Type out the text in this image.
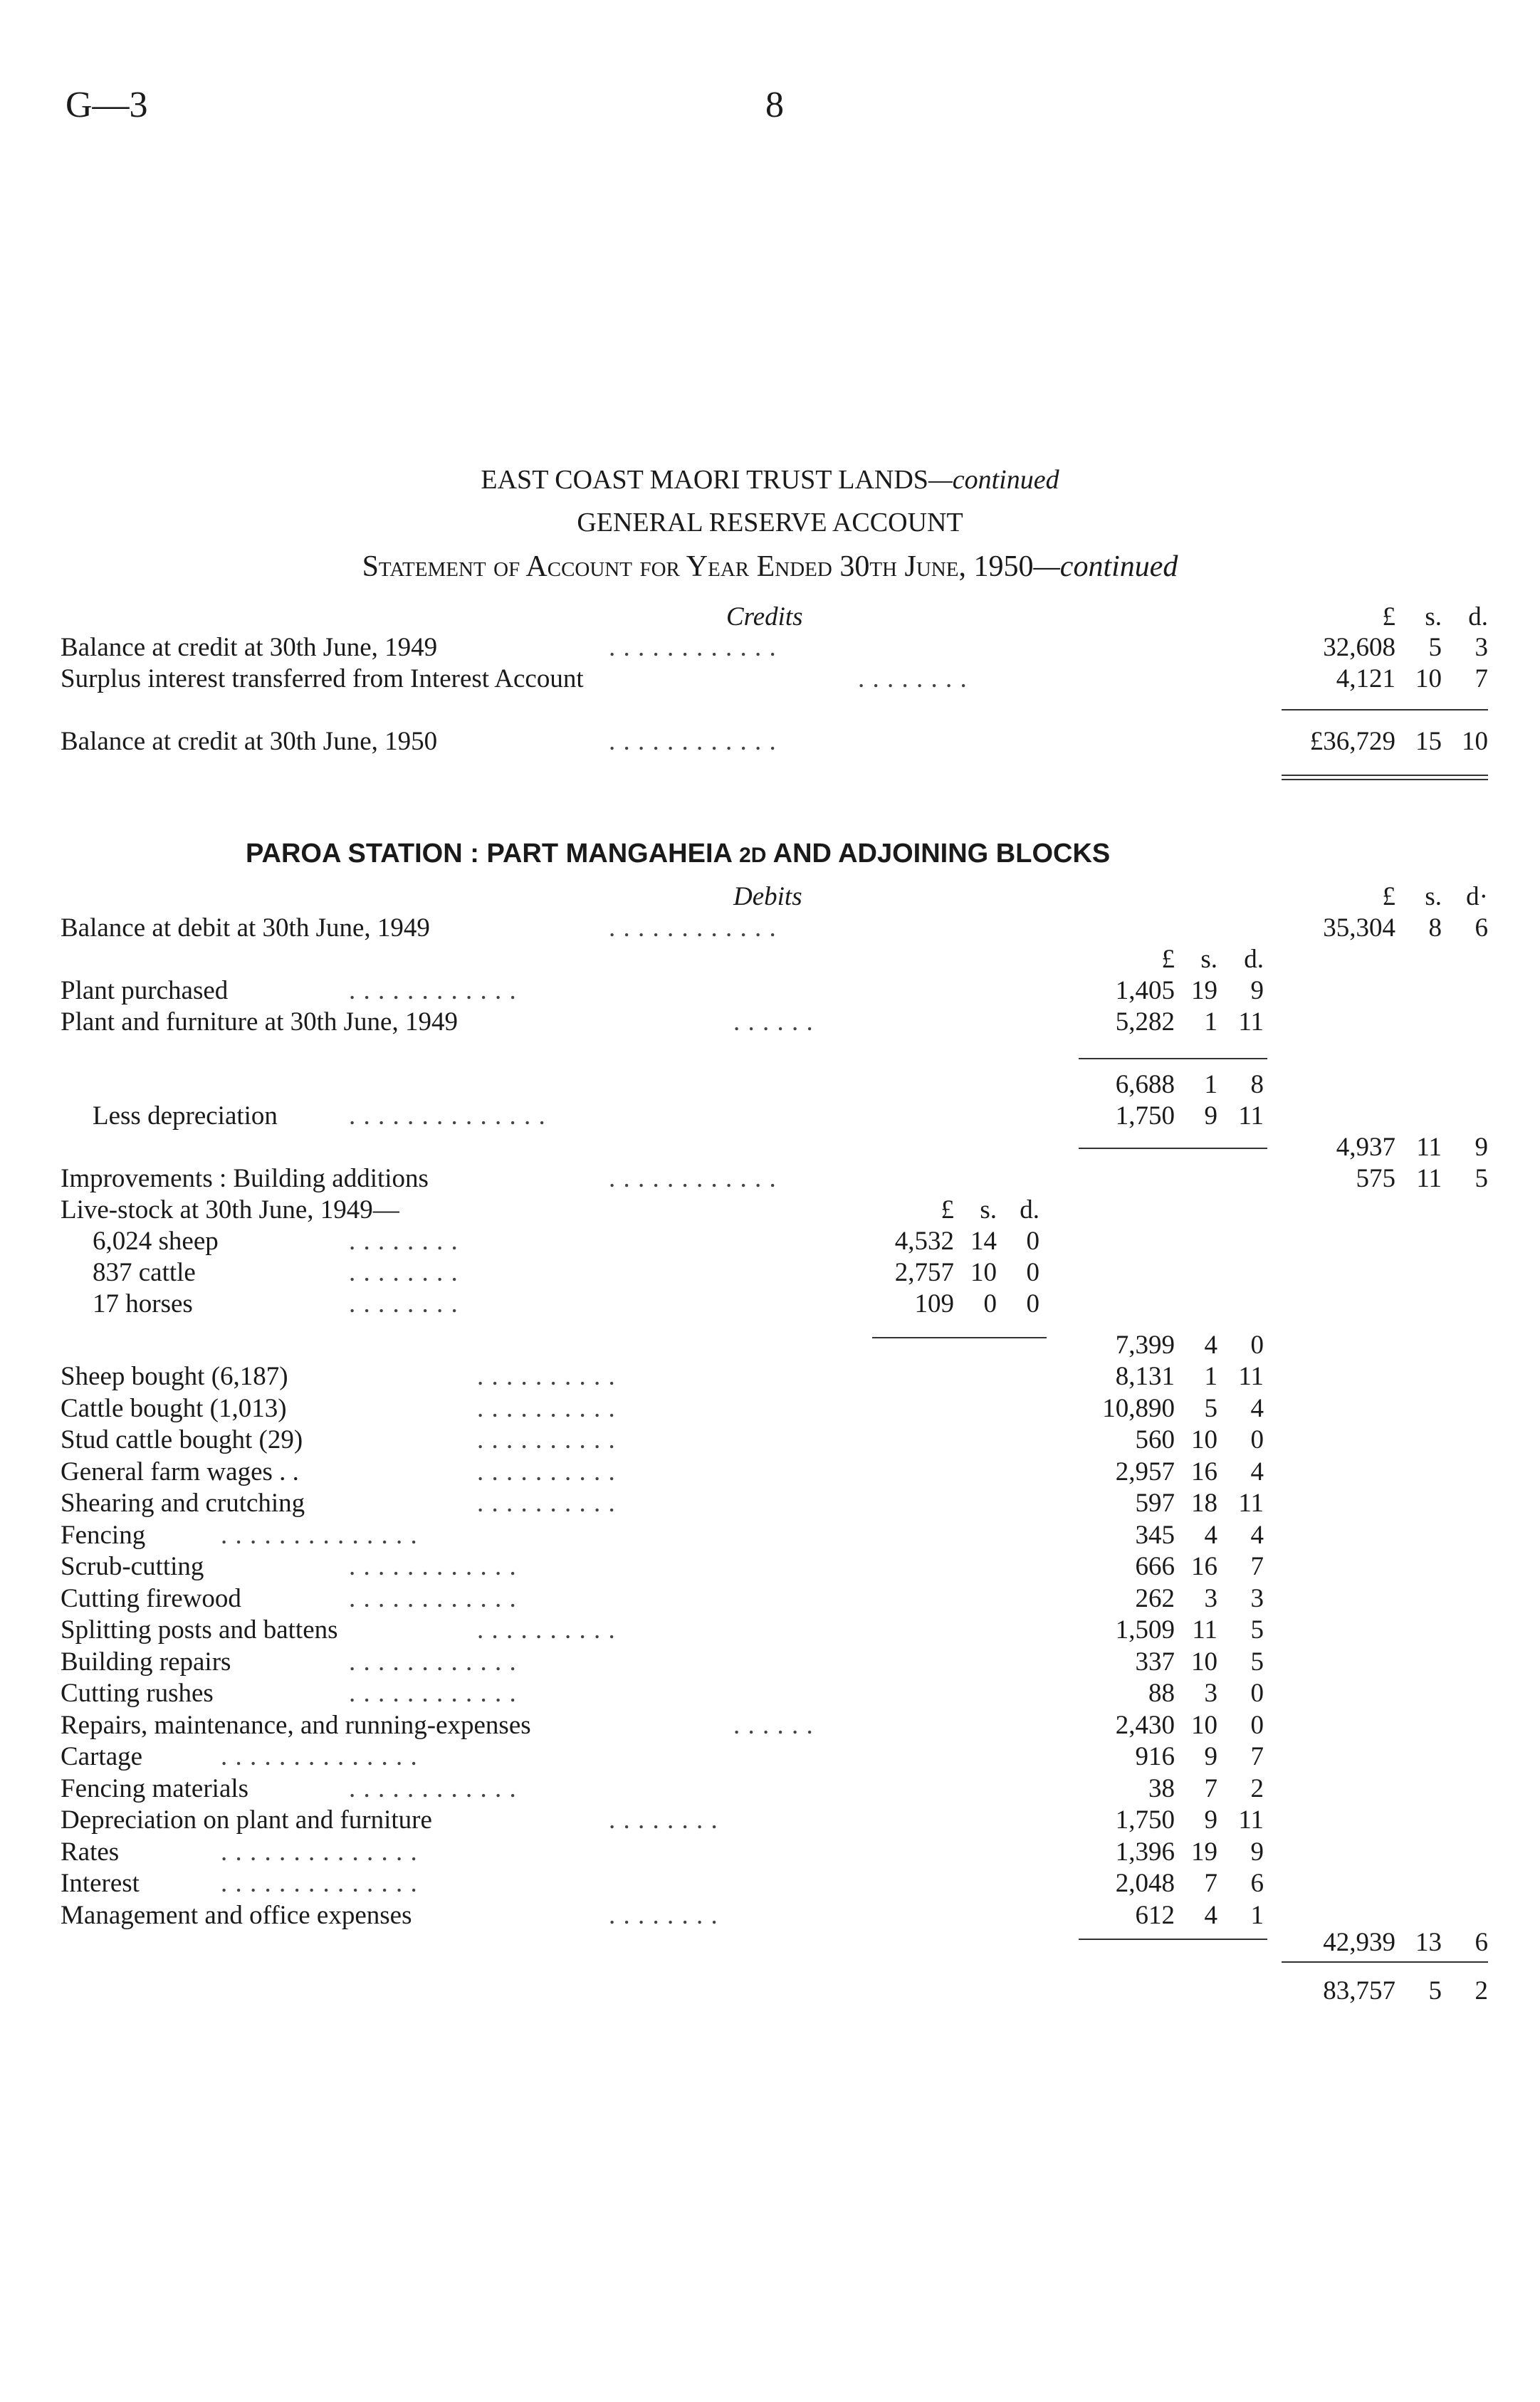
G—3	8
EAST COAST MAORI TRUST LANDS—continued
GENERAL RESERVE ACCOUNT
Statement of Account for Year Ended 30th June, 1950—continued
Credits	£	s.	d.
Balance at credit at 30th June, 1949	. . . . . . . . . . . .	32,608	5	3
Surplus interest transferred from Interest Account	. . . . . . . .	4,121 10	7
Balance at credit at 30th June, 1950	. . . . . . . . . . . .	£36,729 15 10
PAROA STATION : PART MANGAHEIA 2D AND ADJOINING BLOCKS
Debits	£	s. d·
Balance at debit at 30th June, 1949	. . . . . . . . . . . .	35,304	8	6
£ s.	d.
Plant purchased	. . . . . . . . . . . .	1,405 19	9
Plant and furniture at 30th June, 1949	. . . . . .	5,282	1 11
6,688	1	8
Less depreciation	. . . . . . . . . . . . . .	1,750	9 11
4,937 11	9
Improvements : Building additions	. . . . . . . . . . . .	575 11	5
Live-stock at 30th June, 1949—	£ s. d.
6,024 sheep	. . . . . . . .	4,532 14	0
837 cattle	. . . . . . . .	2,757 10	0
17 horses	. . . . . . . .	109	0	0
7,399	4	0
Sheep bought (6,187)	. . . . . . . . . .	8,131	1 11
Cattle bought (1,013)	. . . . . . . . . .	10,890	5	4
Stud cattle bought (29)	. . . . . . . . . .	560 10	0
General farm wages . .	. . . . . . . . . .	2,957 16	4
Shearing and crutching	. . . . . . . . . .	597 18 11
Fencing	. . . . . . . . . . . . . .	345	4	4
Scrub-cutting	. . . . . . . . . . . .	666 16	7
Cutting firewood	. . . . . . . . . . . .	262	3	3
Splitting posts and battens	. . . . . . . . . .	1,509 11	5
Building repairs	. . . . . . . . . . . .	337 10	5
Cutting rushes	. . . . . . . . . . . .	88	3	0
Repairs, maintenance, and running-expenses	. . . . . .	2,430 10	0
Cartage	. . . . . . . . . . . . . .	916	9	7
Fencing materials	. . . . . . . . . . . .	38	7	2
Depreciation on plant and furniture	. . . . . . . .	1,750	9 11
Rates	. . . . . . . . . . . . . .	1,396 19	9
Interest	. . . . . . . . . . . . . .	2,048	7	6
Management and office expenses	. . . . . . . .	612	4	1
42,939 13	6
83,757	5	2
